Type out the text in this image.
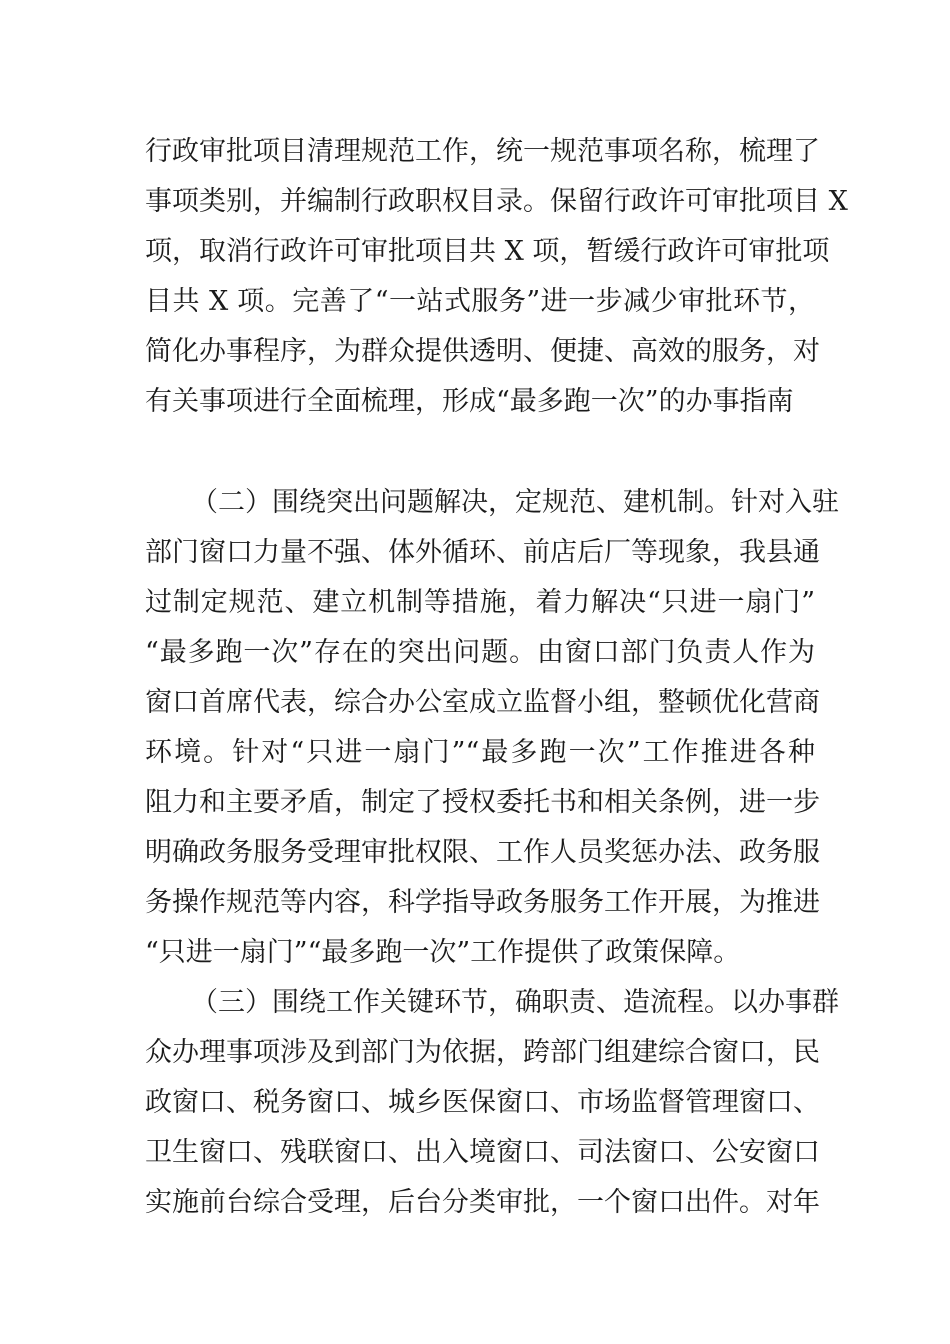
行政审批项目清理规范工作，统一规范事项名称，梳理了
事项类别，并编制行政职权目录。保留行政许可审批项目 X
项，取消行政许可审批项目共 X 项，暂缓行政许可审批项
目共 X 项。完善了“一站式服务”进一步减少审批环节，
简化办事程序，为群众提供透明、便捷、高效的服务，对
有关事项进行全面梳理，形成“最多跑一次”的办事指南
（二）围绕突出问题解决，定规范、建机制。针对入驻
部门窗口力量不强、体外循环、前店后厂等现象，我县通
过制定规范、建立机制等措施，着力解决“只进一扇门”
“最多跑一次”存在的突出问题。由窗口部门负责人作为
窗口首席代表，综合办公室成立监督小组，整顿优化营商
环境。针对“只进一扇门”“最多跑一次”工作推进各种
阻力和主要矛盾，制定了授权委托书和相关条例，进一步
明确政务服务受理审批权限、工作人员奖惩办法、政务服
务操作规范等内容，科学指导政务服务工作开展，为推进
“只进一扇门”“最多跑一次”工作提供了政策保障。
（三）围绕工作关键环节，确职责、造流程。以办事群
众办理事项涉及到部门为依据，跨部门组建综合窗口，民
政窗口、税务窗口、城乡医保窗口、市场监督管理窗口、
卫生窗口、残联窗口、出入境窗口、司法窗口、公安窗口
实施前台综合受理，后台分类审批，一个窗口出件。对年
